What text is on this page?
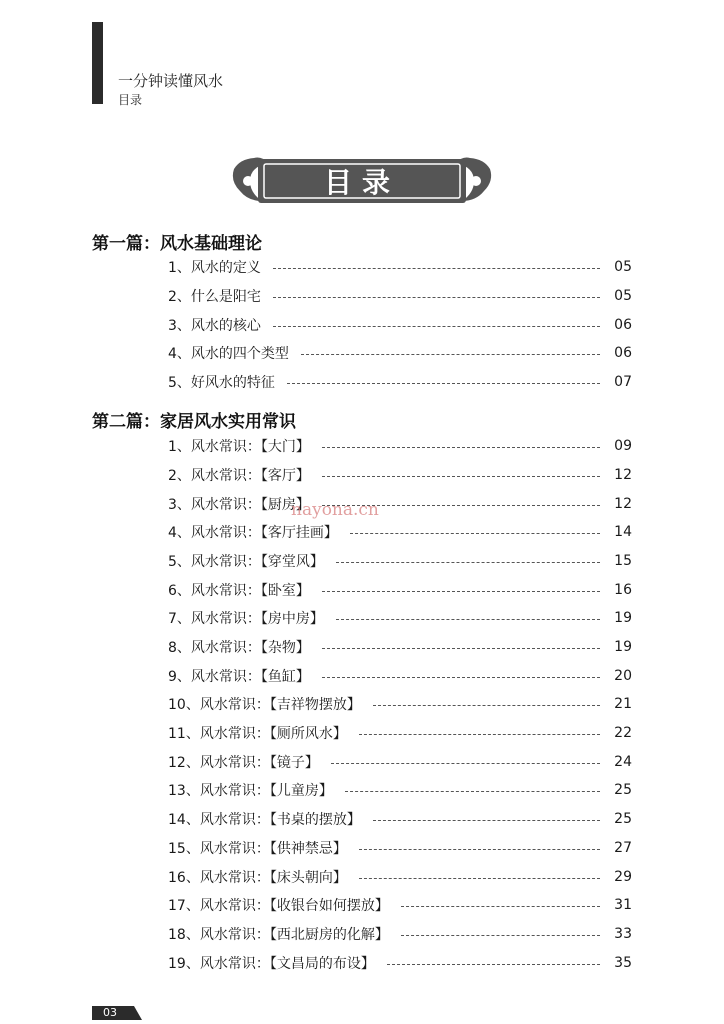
一分钟读懂风水
目录
目录
第一篇：风水基础理论
1、风水的定义	05
2、什么是阳宅	05
3、风水的核心	06
4、风水的四个类型	06
5、好风水的特征	07
第二篇：家居风水实用常识
1、风水常识：【大门】	09
2、风水常识：【客厅】	12
3、风水常识：【厨房】	12
4、风水常识：【客厅挂画】	14
5、风水常识：【穿堂风】	15
6、风水常识：【卧室】	16
7、风水常识：【房中房】	19
8、风水常识：【杂物】	19
9、风水常识：【鱼缸】	20
10、风水常识：【吉祥物摆放】	21
11、风水常识：【厕所风水】	22
12、风水常识：【镜子】	24
13、风水常识：【儿童房】	25
14、风水常识：【书桌的摆放】	25
15、风水常识：【供神禁忌】	27
16、风水常识：【床头朝向】	29
17、风水常识：【收银台如何摆放】	31
18、风水常识：【西北厨房的化解】	33
19、风水常识：【文昌局的布设】	35
nayona.cn
03
